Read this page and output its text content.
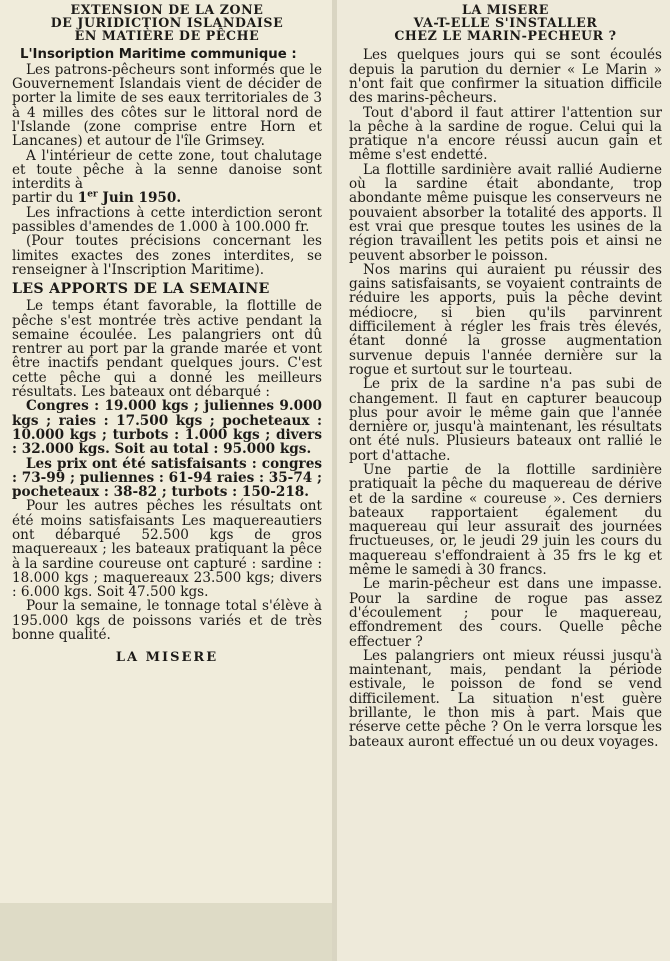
EXTENSION DE LA ZONE
DE JURIDICTION ISLANDAISE
EN MATIÈRE DE PÊCHE
L'Insoription Maritime communique :

Les patrons-pêcheurs sont informés que le Gouvernement Islandais vient de décider de porter la limite de ses eaux territoriales de 3 à 4 milles des côtes sur le littoral nord de l'Islande (zone comprise entre Horn et Lancanes) et autour de l'île Grimsey.

A l'intérieur de cette zone, tout chalutage et toute pêche à la senne danoise sont interdits à

partir du 1er Juin 1950.

Les infractions à cette interdiction seront passibles d'amendes de 1.000 à 100.000 fr.

(Pour toutes précisions concernant les limites exactes des zones interdites, se renseigner à l'Inscription Maritime).

LES APPORTS DE LA SEMAINE

Le temps étant favorable, la flottille de pêche s'est montrée très active pendant la semaine écoulée. Les palangriers ont dû rentrer au port par la grande marée et vont être inactifs pendant quelques jours. C'est cette pêche qui a donné les meilleurs résultats. Les bateaux ont débarqué :

Congres : 19.000 kgs ; juliennes 9.000 kgs ; raies : 17.500 kgs ; pocheteaux : 10.000 kgs ; turbots : 1.000 kgs ; divers : 32.000 kgs. Soit au total : 95.000 kgs.

Les prix ont été satisfaisants : congres : 73-99 ; puliennes : 61-94 raies : 35-74 ; pocheteaux : 38-82 ; turbots : 150-218.

Pour les autres pêches les résultats ont été moins satisfaisants Les maquereautiers ont débarqué 52.500 kgs de gros maquereaux ; les bateaux pratiquant la pêce à la sardine coureuse ont capturé : sardine : 18.000 kgs ; maquereaux 23.500 kgs; divers : 6.000 kgs. Soit 47.500 kgs.

Pour la semaine, le tonnage total s'élève à 195.000 kgs de poissons variés et de très bonne qualité.

LA MISERE
LA MISERE
VA-T-ELLE S'INSTALLER
CHEZ LE MARIN-PECHEUR ?

Les quelques jours qui se sont écoulés depuis la parution du dernier « Le Marin » n'ont fait que confirmer la situation difficile des marins-pêcheurs.

Tout d'abord il faut attirer l'attention sur la pêche à la sardine de rogue. Celui qui la pratique n'a encore réussi aucun gain et même s'est endetté.

La flottille sardinière avait rallié Audierne où la sardine était abondante, trop abondante même puisque les conserveurs ne pouvaient absorber la totalité des apports. Il est vrai que presque toutes les usines de la région travaillent les petits pois et ainsi ne peuvent absorber le poisson.

Nos marins qui auraient pu réussir des gains satisfaisants, se voyaient contraints de réduire les apports, puis la pêche devint médiocre, si bien qu'ils parvinrent difficilement à régler les frais très élevés, étant donné la grosse augmentation survenue depuis l'année dernière sur la rogue et surtout sur le tourteau.

Le prix de la sardine n'a pas subi de changement. Il faut en capturer beaucoup plus pour avoir le même gain que l'année dernière or, jusqu'à maintenant, les résultats ont été nuls. Plusieurs bateaux ont rallié le port d'attache.

Une partie de la flottille sardinière pratiquait la pêche du maquereau de dérive et de la sardine « coureuse ». Ces derniers bateaux rapportaient également du maquereau qui leur assurait des journées fructueuses, or, le jeudi 29 juin les cours du maquereau s'effondraient à 35 frs le kg et même le samedi à 30 francs.

Le marin-pêcheur est dans une impasse. Pour la sardine de rogue pas assez d'écoulement ; pour le maquereau, effondrement des cours. Quelle pêche effectuer ?

Les palangriers ont mieux réussi jusqu'à maintenant, mais, pendant la période estivale, le poisson de fond se vend difficilement. La situation n'est guère brillante, le thon mis à part. Mais que réserve cette pêche ? On le verra lorsque les bateaux auront effectué un ou deux voyages.
